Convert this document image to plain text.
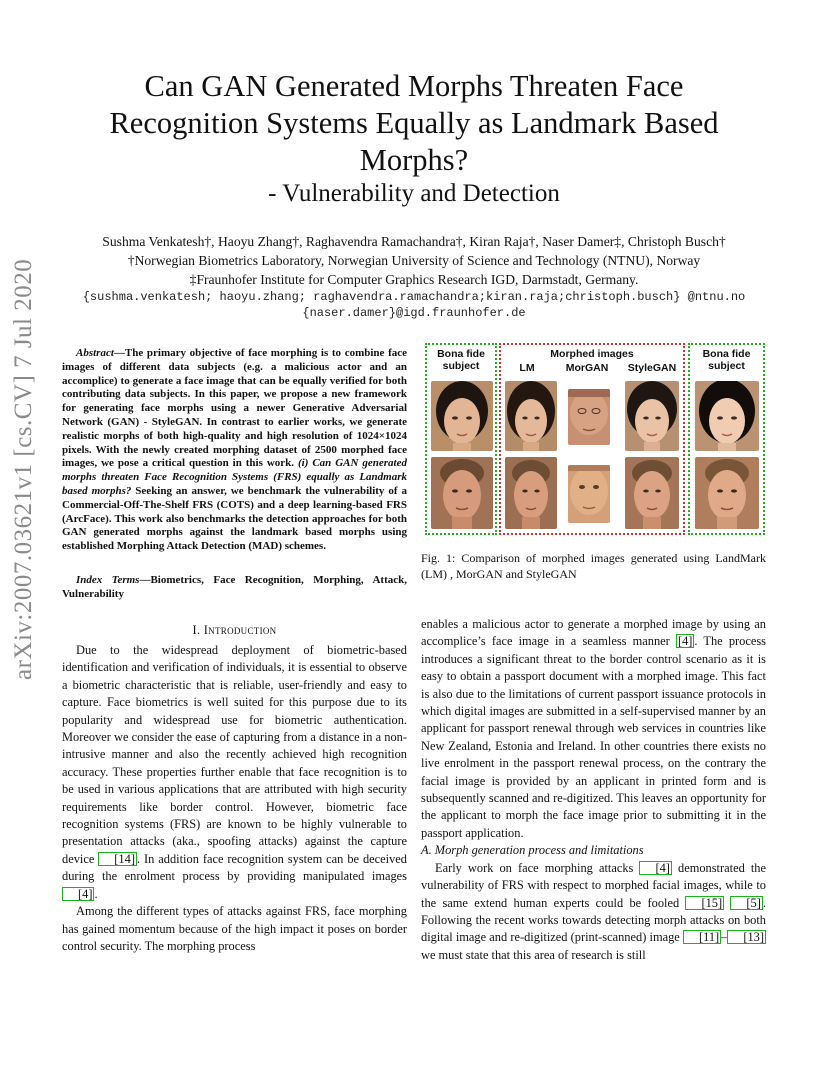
arXiv:2007.03621v1 [cs.CV] 7 Jul 2020
Can GAN Generated Morphs Threaten Face
Recognition Systems Equally as Landmark Based
Morphs?
- Vulnerability and Detection
Sushma Venkatesh†, Haoyu Zhang†, Raghavendra Ramachandra†, Kiran Raja†, Naser Damer‡, Christoph Busch†
†Norwegian Biometrics Laboratory, Norwegian University of Science and Technology (NTNU), Norway
‡Fraunhofer Institute for Computer Graphics Research IGD, Darmstadt, Germany.
{sushma.venkatesh; haoyu.zhang; raghavendra.ramachandra;kiran.raja;christoph.busch} @ntnu.no
{naser.damer}@igd.fraunhofer.de
Abstract—The primary objective of face morphing is to combine face images of different data subjects (e.g. a malicious actor and an accomplice) to generate a face image that can be equally verified for both contributing data subjects. In this paper, we propose a new framework for generating face morphs using a newer Generative Adversarial Network (GAN) - StyleGAN. In contrast to earlier works, we generate realistic morphs of both high-quality and high resolution of 1024×1024 pixels. With the newly created morphing dataset of 2500 morphed face images, we pose a critical question in this work. (i) Can GAN generated morphs threaten Face Recognition Systems (FRS) equally as Landmark based morphs? Seeking an answer, we benchmark the vulnerability of a Commercial-Off-The-Shelf FRS (COTS) and a deep learning-based FRS (ArcFace). This work also benchmarks the detection approaches for both GAN generated morphs against the landmark based morphs using established Morphing Attack Detection (MAD) schemes.
Index Terms—Biometrics, Face Recognition, Morphing, Attack, Vulnerability
I. Introduction

Due to the widespread deployment of biometric-based identification and verification of individuals, it is essential to observe a biometric characteristic that is reliable, user-friendly and easy to capture. Face biometrics is well suited for this purpose due to its popularity and widespread use for biometric authentication. Moreover we consider the ease of capturing from a distance in a non-intrusive manner and also the recently achieved high recognition accuracy. These properties further enable that face recognition is to be used in various applications that are attributed with high security requirements like border control. However, biometric face recognition systems (FRS) are known to be highly vulnerable to presentation attacks (aka., spoofing attacks) against the capture device [14] . In addition face recognition system can be deceived during the enrolment process by providing manipulated images [4] .

Among the different types of attacks against FRS, face morphing has gained momentum because of the high impact it poses on border control security. The morphing process

Bona fide
subject
Morphed images
LM	MorGAN	StyleGAN
Bona fide
subject
Fig. 1: Comparison of morphed images generated using LandMark (LM) , MorGAN and StyleGAN

enables a malicious actor to generate a morphed image by using an accomplice’s face image in a seamless manner [4] . The process introduces a significant threat to the border control scenario as it is easy to obtain a passport document with a morphed image. This fact is also due to the limitations of current passport issuance protocols in which digital images are submitted in a self-supervised manner by an applicant for passport renewal through web services in countries like New Zealand, Estonia and Ireland. In other countries there exists no live enrolment in the passport renewal process, on the contrary the facial image is provided by an applicant in printed form and is subsequently scanned and re-digitized. This leaves an opportunity for the applicant to morph the face image prior to submitting it in the passport application.

A. Morph generation process and limitations

Early work on face morphing attacks [4] demonstrated the vulnerability of FRS with respect to morphed facial images, while to the same extend human experts could be fooled [15] [5] . Following the recent works towards detecting morph attacks on both digital image and re-digitized (print-scanned) image [11] – [13] we must state that this area of research is still
